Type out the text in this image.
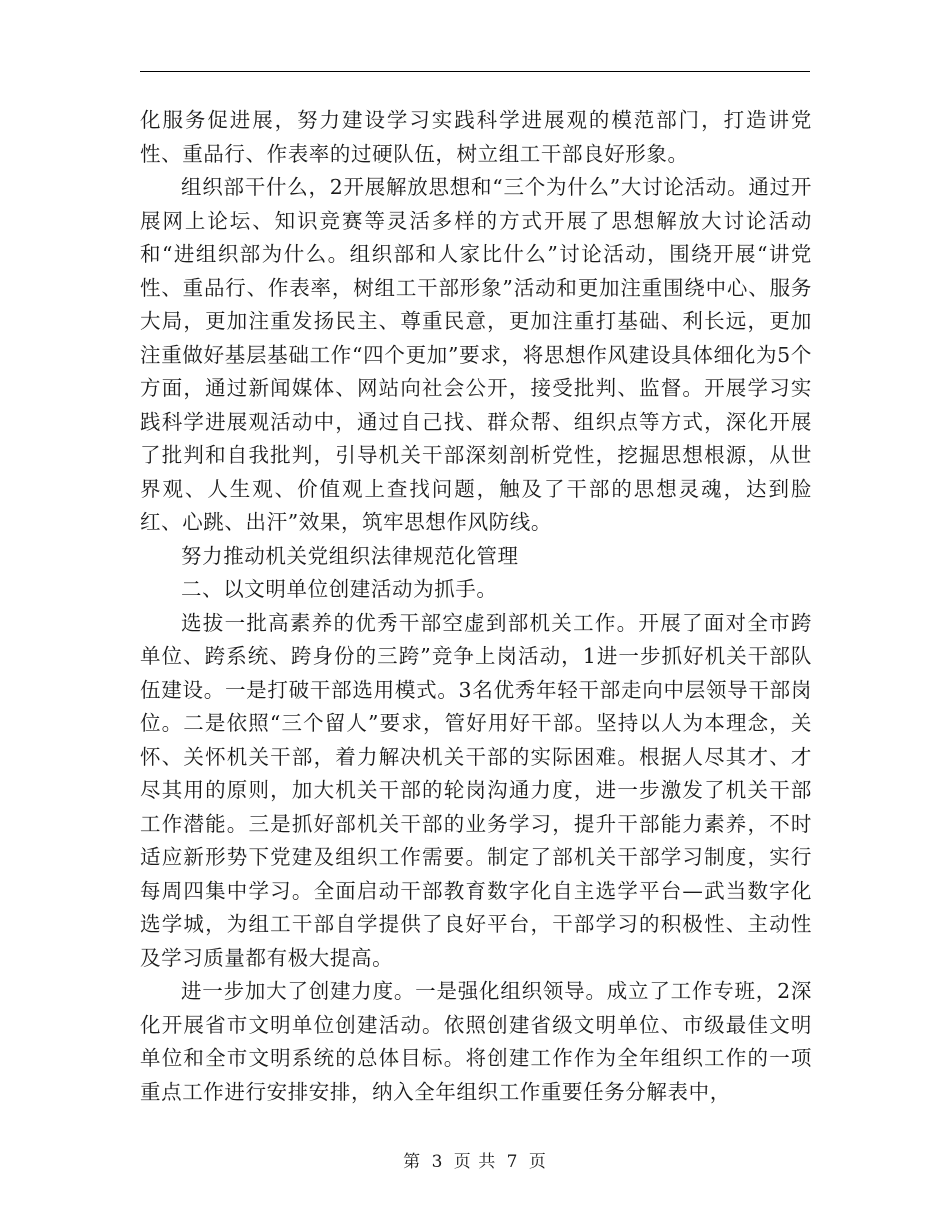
化服务促进展，努力建设学习实践科学进展观的模范部门，打造讲党性、重品行、作表率的过硬队伍，树立组工干部良好形象。

组织部干什么，2开展解放思想和“三个为什么”大讨论活动。通过开展网上论坛、知识竞赛等灵活多样的方式开展了思想解放大讨论活动和“进组织部为什么。组织部和人家比什么”讨论活动，围绕开展“讲党性、重品行、作表率，树组工干部形象”活动和更加注重围绕中心、服务大局，更加注重发扬民主、尊重民意，更加注重打基础、利长远，更加注重做好基层基础工作“四个更加”要求，将思想作风建设具体细化为5个方面，通过新闻媒体、网站向社会公开，接受批判、监督。开展学习实践科学进展观活动中，通过自己找、群众帮、组织点等方式，深化开展了批判和自我批判，引导机关干部深刻剖析党性，挖掘思想根源，从世界观、人生观、价值观上查找问题，触及了干部的思想灵魂，达到脸红、心跳、出汗”效果，筑牢思想作风防线。

努力推动机关党组织法律规范化管理

二、以文明单位创建活动为抓手。

选拔一批高素养的优秀干部空虚到部机关工作。开展了面对全市跨单位、跨系统、跨身份的三跨”竞争上岗活动，1进一步抓好机关干部队伍建设。一是打破干部选用模式。3名优秀年轻干部走向中层领导干部岗位。二是依照“三个留人”要求，管好用好干部。坚持以人为本理念，关怀、关怀机关干部，着力解决机关干部的实际困难。根据人尽其才、才尽其用的原则，加大机关干部的轮岗沟通力度，进一步激发了机关干部工作潜能。三是抓好部机关干部的业务学习，提升干部能力素养，不时适应新形势下党建及组织工作需要。制定了部机关干部学习制度，实行每周四集中学习。全面启动干部教育数字化自主选学平台—武当数字化选学城，为组工干部自学提供了良好平台，干部学习的积极性、主动性及学习质量都有极大提高。

进一步加大了创建力度。一是强化组织领导。成立了工作专班，2深化开展省市文明单位创建活动。依照创建省级文明单位、市级最佳文明单位和全市文明系统的总体目标。将创建工作作为全年组织工作的一项重点工作进行安排安排，纳入全年组织工作重要任务分解表中，

第 3 页 共 7 页
